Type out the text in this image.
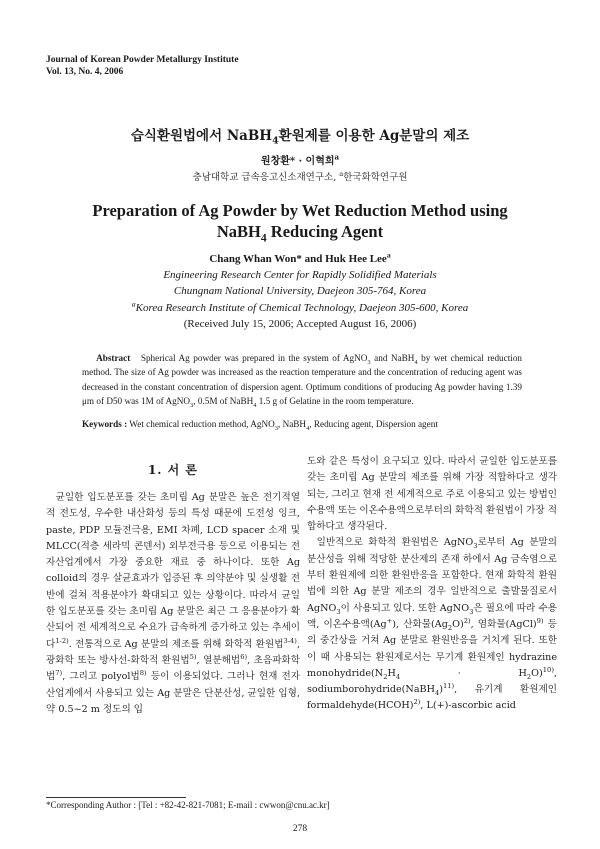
Journal of Korean Powder Metallurgy Institute
Vol. 13, No. 4, 2006
습식환원법에서 NaBH$_4$환원제를 이용한 Ag분말의 제조
원창환* · 이혁희$^a$
충남대학교 급속응고신소재연구소, $^a$한국화학연구원
Preparation of Ag Powder by Wet Reduction Method using
NaBH$_4$ Reducing Agent
Chang Whan Won* and Huk Hee Lee$^a$
Engineering Research Center for Rapidly Solidified Materials
Chungnam National University, Daejeon 305-764, Korea
$^a$Korea Research Institute of Chemical Technology, Daejeon 305-600, Korea
(Received July 15, 2006; Accepted August 16, 2006)
Abstract Spherical Ag powder was prepared in the system of AgNO$_3$ and NaBH$_4$ by wet chemical reduction method. The size of Ag powder was increased as the reaction temperature and the concentration of reducing agent was decreased in the constant concentration of dispersion agent. Optimum conditions of producing Ag powder having 1.39 μm of D50 was 1M of AgNO$_3$, 0.5M of NaBH$_4$ 1.5 g of Gelatine in the room temperature.
Keywords : Wet chemical reduction method, AgNO$_3$, NaBH$_4$, Reducing agent, Dispersion agent
1. 서 론

균일한 입도분포를 갖는 초미립 Ag 분말은 높은 전기적열적 전도성, 우수한 내산화성 등의 특성 때문에 도전성 잉크, paste, PDP 모듈전극용, EMI 차폐, LCD spacer 소재 및 MLCC(적층 세라믹 콘덴서) 외부전극용 등으로 이용되는 전자산업계에서 가장 중요한 재료 중 하나이다. 또한 Ag colloid의 경우 살균효과가 입증된 후 의약분야 및 실생활 전반에 걸쳐 적용분야가 확대되고 있는 상황이다. 따라서 균일한 입도분포를 갖는 초미립 Ag 분말은 최근 그 응용분야가 확산되어 전 세계적으로 수요가 급속하게 증가하고 있는 추세이다$^{1-2)}$. 전통적으로 Ag 분말의 제조를 위해 화학적 환원법$^{3-4)}$, 광화학 또는 방사선-화학적 환원법$^{5)}$, 열분해법$^{6)}$, 초음파화학법$^{7)}$, 그리고 polyol법$^{8)}$ 등이 이용되었다. 그러나 현재 전자산업계에서 사용되고 있는 Ag 분말은 단분산성, 균일한 입형, 약 0.5~2 m 정도의 입

도와 같은 특성이 요구되고 있다. 따라서 균일한 입도분포를 갖는 초미립 Ag 분말의 제조를 위해 가장 적합하다고 생각되는, 그리고 현재 전 세계적으로 주로 이용되고 있는 방법인 수용액 또는 이온수용액으로부터의 화학적 환원법이 가장 적합하다고 생각된다.

일반적으로 화학적 환원법은 AgNO$_3$로부터 Ag 분말의 분산성을 위해 적당한 분산제의 존재 하에서 Ag 금속염으로부터 환원제에 의한 환원반응을 포함한다. 현재 화학적 환원법에 의한 Ag 분말 제조의 경우 일반적으로 출발물질로서 AgNO$_3$이 사용되고 있다. 또한 AgNO$_3$은 필요에 따라 수용액, 이온수용액(Ag+), 산화물$(Ag_2O)^{2)}$, 염화물(AgCl)$^{9)}$ 등의 중간상을 거쳐 Ag 분말로 환원반응을 거치게 된다. 또한 이 때 사용되는 환원제로서는 무기계 환원제인 hydrazine $monohydride(N_2H_4 \cdot H_2O)^{10)}$, sodiumborohydride(NaBH$_4$)$^{11)}$, 유기계 환원제인 formaldehyde(HCOH)$^{2)}$, L(+)-ascorbic acid

*Corresponding Author : [Tel : +82-42-821-7081; E-mail : cwwon@cnu.ac.kr]
278
